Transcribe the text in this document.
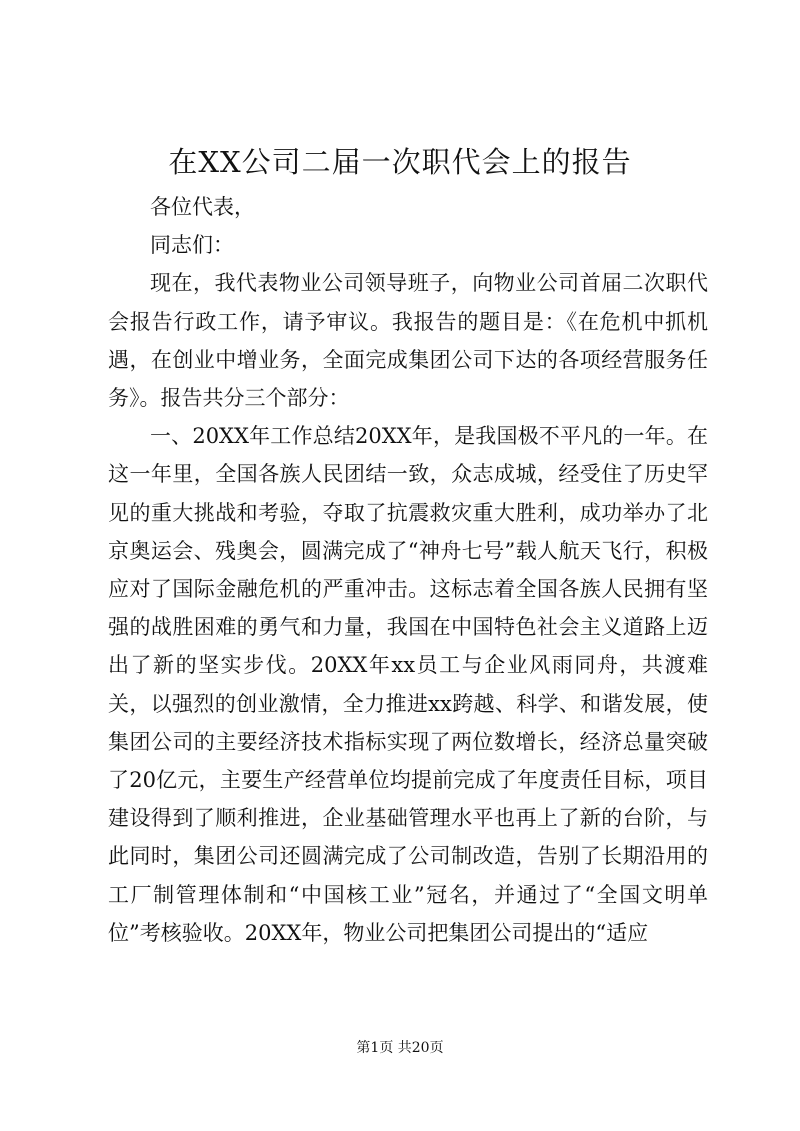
在XX公司二届一次职代会上的报告

各位代表，

同志们：

现在，我代表物业公司领导班子，向物业公司首届二次职代会报告行政工作，请予审议。我报告的题目是：《在危机中抓机遇，在创业中增业务，全面完成集团公司下达的各项经营服务任务》。报告共分三个部分：

一、20XX年工作总结20XX年，是我国极不平凡的一年。在这一年里，全国各族人民团结一致，众志成城，经受住了历史罕见的重大挑战和考验，夺取了抗震救灾重大胜利，成功举办了北京奥运会、残奥会，圆满完成了“神舟七号”载人航天飞行，积极应对了国际金融危机的严重冲击。这标志着全国各族人民拥有坚强的战胜困难的勇气和力量，我国在中国特色社会主义道路上迈出了新的坚实步伐。20XX年xx员工与企业风雨同舟，共渡难关，以强烈的创业激情，全力推进xx跨越、科学、和谐发展，使集团公司的主要经济技术指标实现了两位数增长，经济总量突破了20亿元，主要生产经营单位均提前完成了年度责任目标，项目建设得到了顺利推进，企业基础管理水平也再上了新的台阶，与此同时，集团公司还圆满完成了公司制改造，告别了长期沿用的工厂制管理体制和“中国核工业”冠名，并通过了“全国文明单位”考核验收。20XX年，物业公司把集团公司提出的“适应

第1页 共20页
